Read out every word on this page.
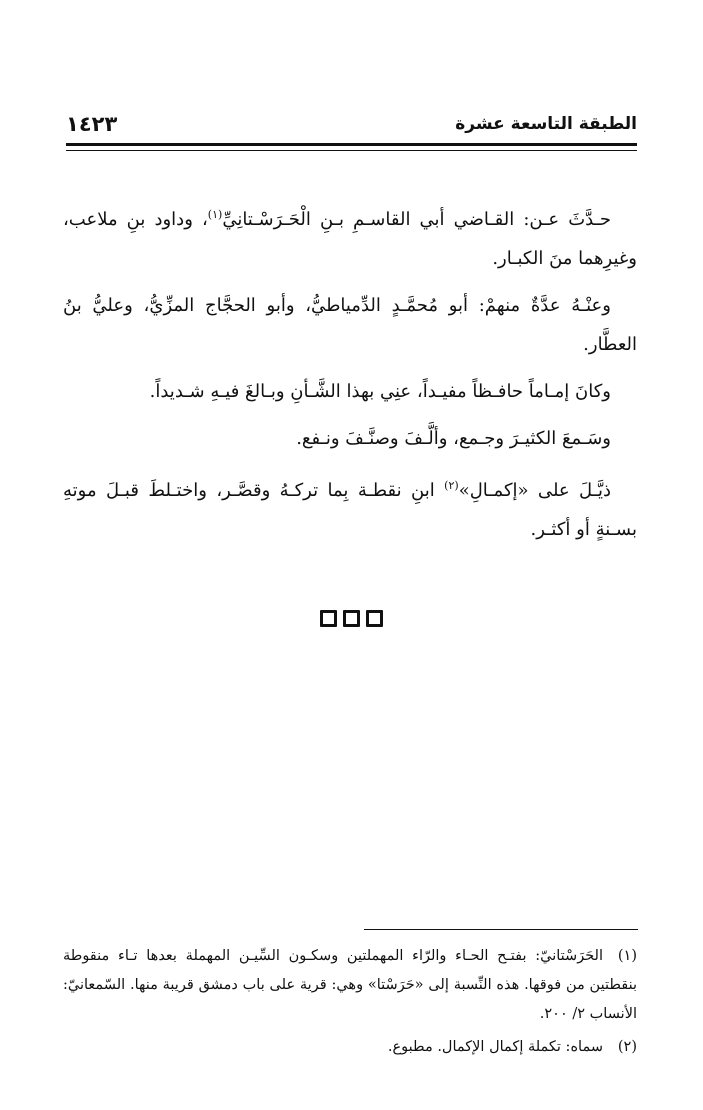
الطبقة التاسعة عشرة
١٤٢٣

حـدَّثَ عـن: القـاضي أبي القاسـمِ بـنِ الْحَـرَسْـتانِيِّ$^{(١)}$، وداود بنِ ملاعب، وغيرِهما منَ الكبـار.

وعنْـهُ عدَّةٌ منهمْ: أبو مُحمَّـدٍ الدِّمياطيُّ، وأبو الحجَّاج المزِّيُّ، وعليُّ بنُ العطَّار.

وكانَ إمـاماً حافـظاً مفيـداً، عنِي بهذا الشَّـأنِ وبـالغَ فيـهِ شـديداً.

وسَـمعَ الكثيـرَ وجـمع، وألَّـفَ وصنَّـفَ ونـفع.

ذيَّـلَ على «إكمـالِ»$^{(٢)}$ ابنِ نقطـة بِما تركـهُ وقصَّـر، واختـلطَ قبـلَ موتهِ بسـنةٍ أو أكثـر.

(١)الحَرَسْتانيّ: بفتـح الحـاء والرّاء المهملتين وسكـون السِّيـن المهملة بعدها تـاء منقوطة بنقطتين من فوقها. هذه النِّسبة إلى «حَرَسْتا» وهي: قرية على باب دمشق قريبة منها. السّمعانيّ: الأنساب ٢/ ٢٠٠.

(٢)سماه: تكملة إكمال الإكمال. مطبوع.
